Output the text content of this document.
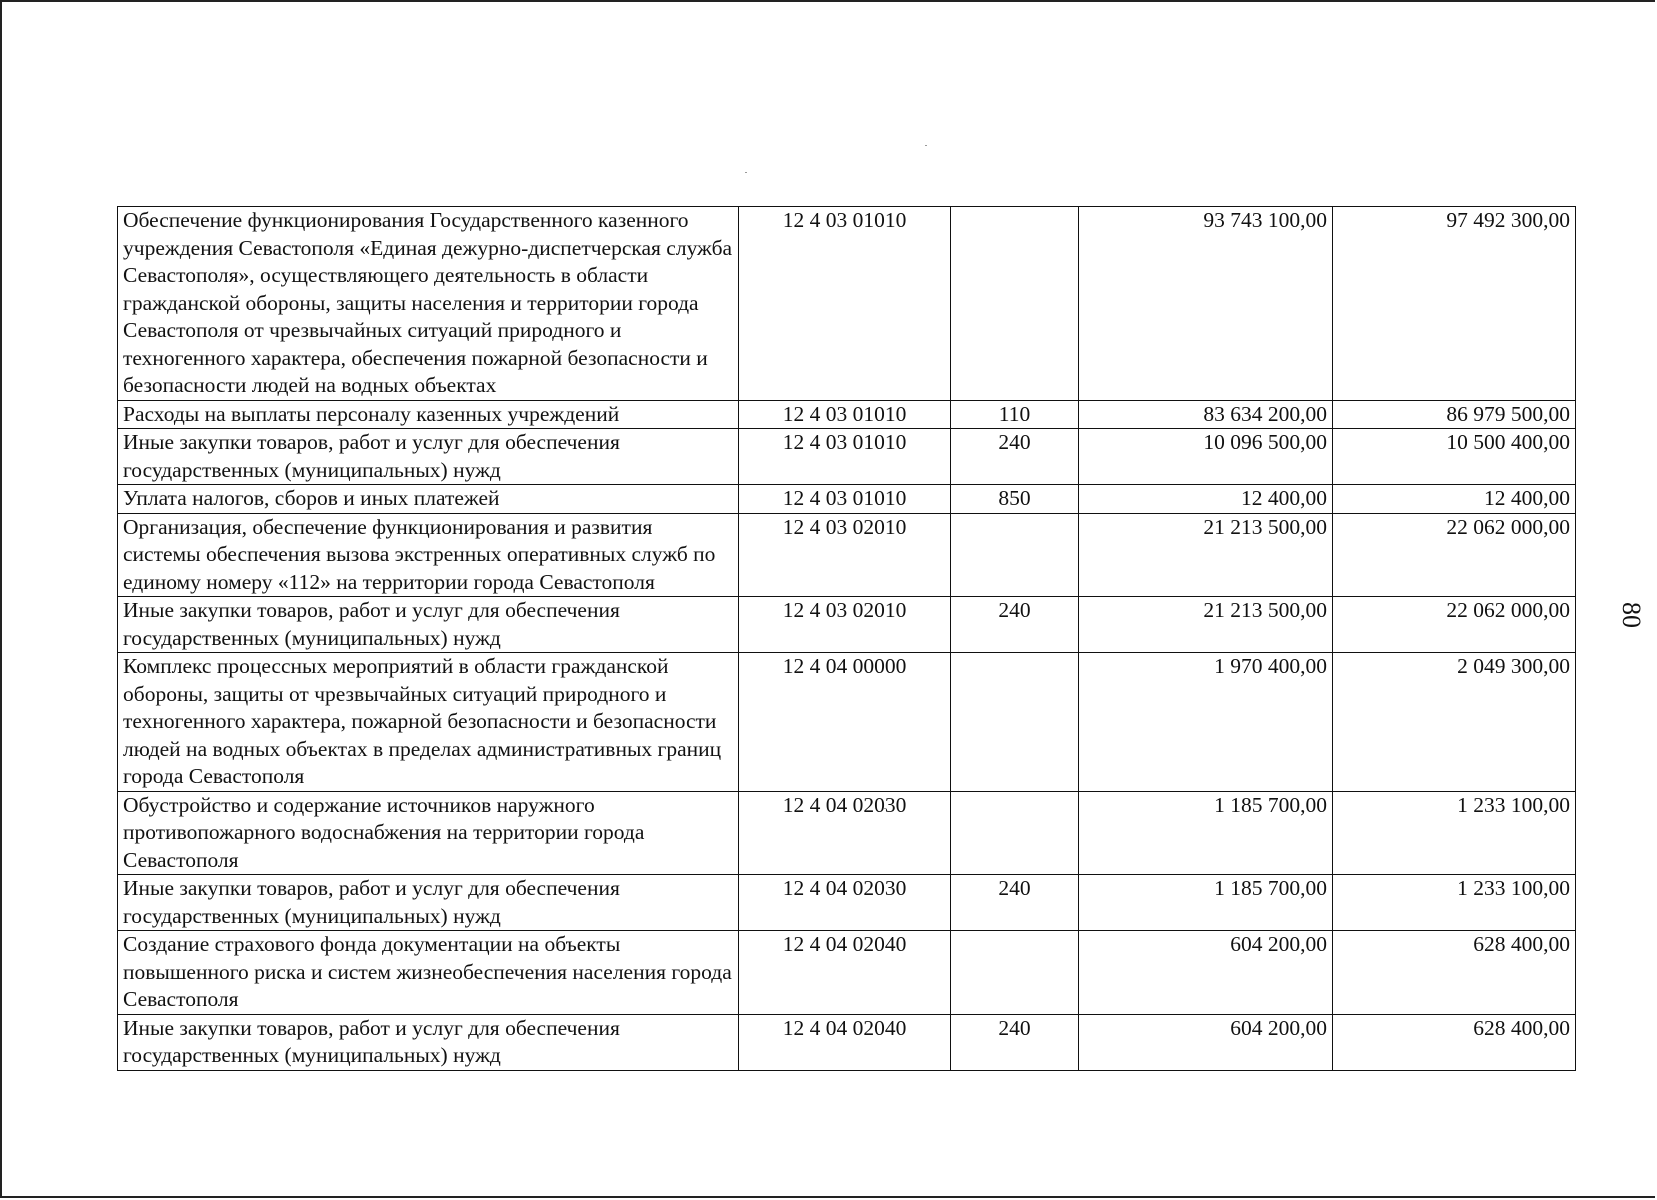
Обеспечение функционирования Государственного казенного учреждения Севастополя «Единая дежурно-диспетчерская служба Севастополя», осуществляющего деятельность в области гражданской обороны, защиты населения и территории города Севастополя от чрезвычайных ситуаций природного и техногенного характера, обеспечения пожарной безопасности и безопасности людей на водных объектах	12 4 03 01010		93 743 100,00	97 492 300,00
Расходы на выплаты персоналу казенных учреждений	12 4 03 01010	110	83 634 200,00	86 979 500,00
Иные закупки товаров, работ и услуг для обеспечения государственных (муниципальных) нужд	12 4 03 01010	240	10 096 500,00	10 500 400,00
Уплата налогов, сборов и иных платежей	12 4 03 01010	850	12 400,00	12 400,00
Организация, обеспечение функционирования и развития системы обеспечения вызова экстренных оперативных служб по единому номеру «112» на территории города Севастополя	12 4 03 02010		21 213 500,00	22 062 000,00
Иные закупки товаров, работ и услуг для обеспечения государственных (муниципальных) нужд	12 4 03 02010	240	21 213 500,00	22 062 000,00
Комплекс процессных мероприятий в области гражданской обороны, защиты от чрезвычайных ситуаций природного и техногенного характера, пожарной безопасности и безопасности людей на водных объектах в пределах административных границ города Севастополя	12 4 04 00000		1 970 400,00	2 049 300,00
Обустройство и содержание источников наружного противопожарного водоснабжения на территории города Севастополя	12 4 04 02030		1 185 700,00	1 233 100,00
Иные закупки товаров, работ и услуг для обеспечения государственных (муниципальных) нужд	12 4 04 02030	240	1 185 700,00	1 233 100,00
Создание страхового фонда документации на объекты повышенного риска и систем жизнеобеспечения населения города Севастополя	12 4 04 02040		604 200,00	628 400,00
Иные закупки товаров, работ и услуг для обеспечения государственных (муниципальных) нужд	12 4 04 02040	240	604 200,00	628 400,00
80
